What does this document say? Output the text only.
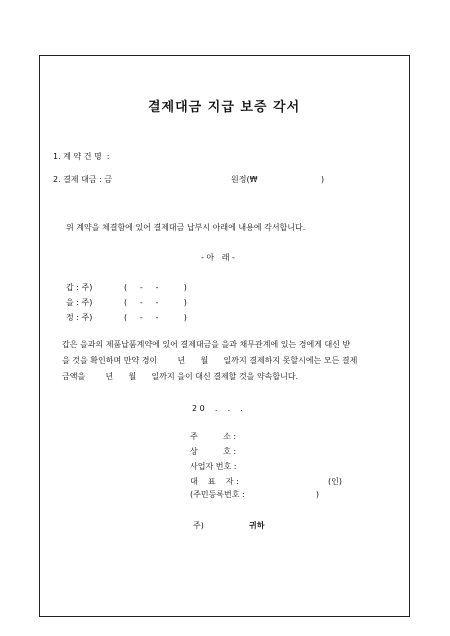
결제대금 지급 보증 각서
1. 계 약 건 명  :
2. 결제 대금 : 금	원정(₩                         )
위 계약을 체결함에 있어 결제대금 납부시 아래에 내용에 각서합니다.
- 아   래 -
갑 : 주)	(     -     -          )
을 : 주)	(     -     -          )
정 : 주)	(     -     -          )
갑은 을과의 제품납품계약에 있어 결제대금을 을과 채무관계에 있는 경에게 대신 받
을 것을 확인하며 만약 경이        년      월      일까지 결제하지 못할시에는 모든 결제
금액을        년      월      일까지 을이 대신 결제할 것을 약속합니다.
2 0    .    .    .
주          소 :
상          호 :
사업자 번호 :
대    표    자 :	(인)
(주민등록번호 :                            )
주)	귀하
